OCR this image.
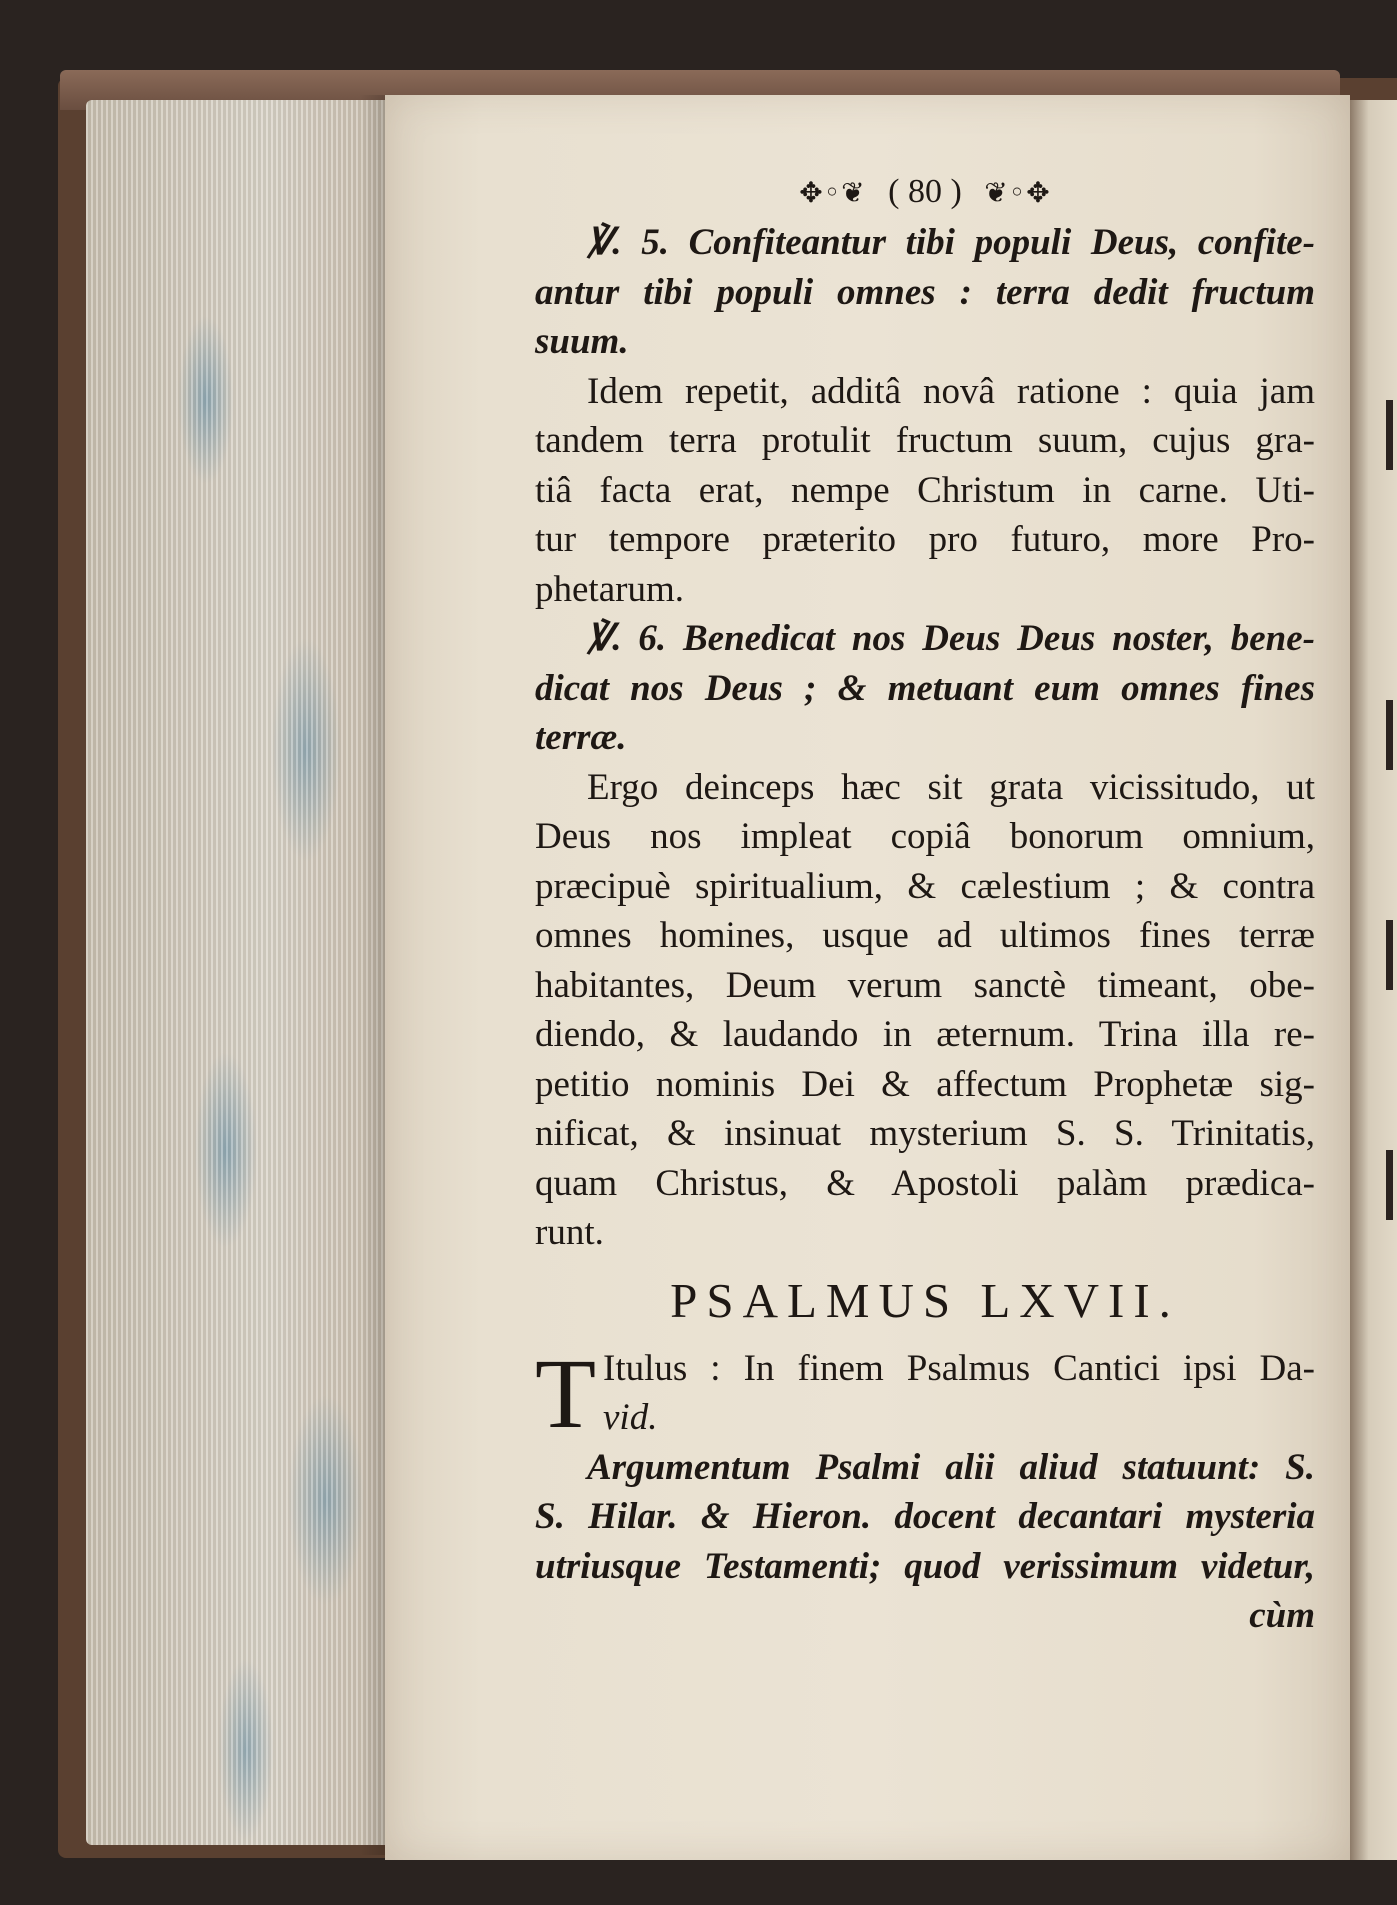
✥◦❦ ( 80 ) ❦◦✥
℣. 5. Confiteantur tibi populi Deus, confite-
antur tibi populi omnes : terra dedit fructum
suum.
Idem repetit, additâ novâ ratione : quia jam
tandem terra protulit fructum suum, cujus gra-
tiâ facta erat, nempe Christum in carne. Uti-
tur tempore præterito pro futuro, more Pro-
phetarum.
℣. 6. Benedicat nos Deus Deus noster, bene-
dicat nos Deus ; & metuant eum omnes fines
terræ.
Ergo deinceps hæc sit grata vicissitudo, ut
Deus nos impleat copiâ bonorum omnium,
præcipuè spiritualium, & cælestium ; & contra
omnes homines, usque ad ultimos fines terræ
habitantes, Deum verum sanctè timeant, obe-
diendo, & laudando in æternum. Trina illa re-
petitio nominis Dei & affectum Prophetæ sig-
nificat, & insinuat mysterium S. S. Trinitatis,
quam Christus, & Apostoli palàm prædica-
runt.
PSALMUS LXVII.
T Itulus : In finem Psalmus Cantici ipsi Da-
vid.
Argumentum Psalmi alii aliud statuunt: S.
S. Hilar. & Hieron. docent decantari mysteria
utriusque Testamenti; quod verissimum videtur,
cùm
